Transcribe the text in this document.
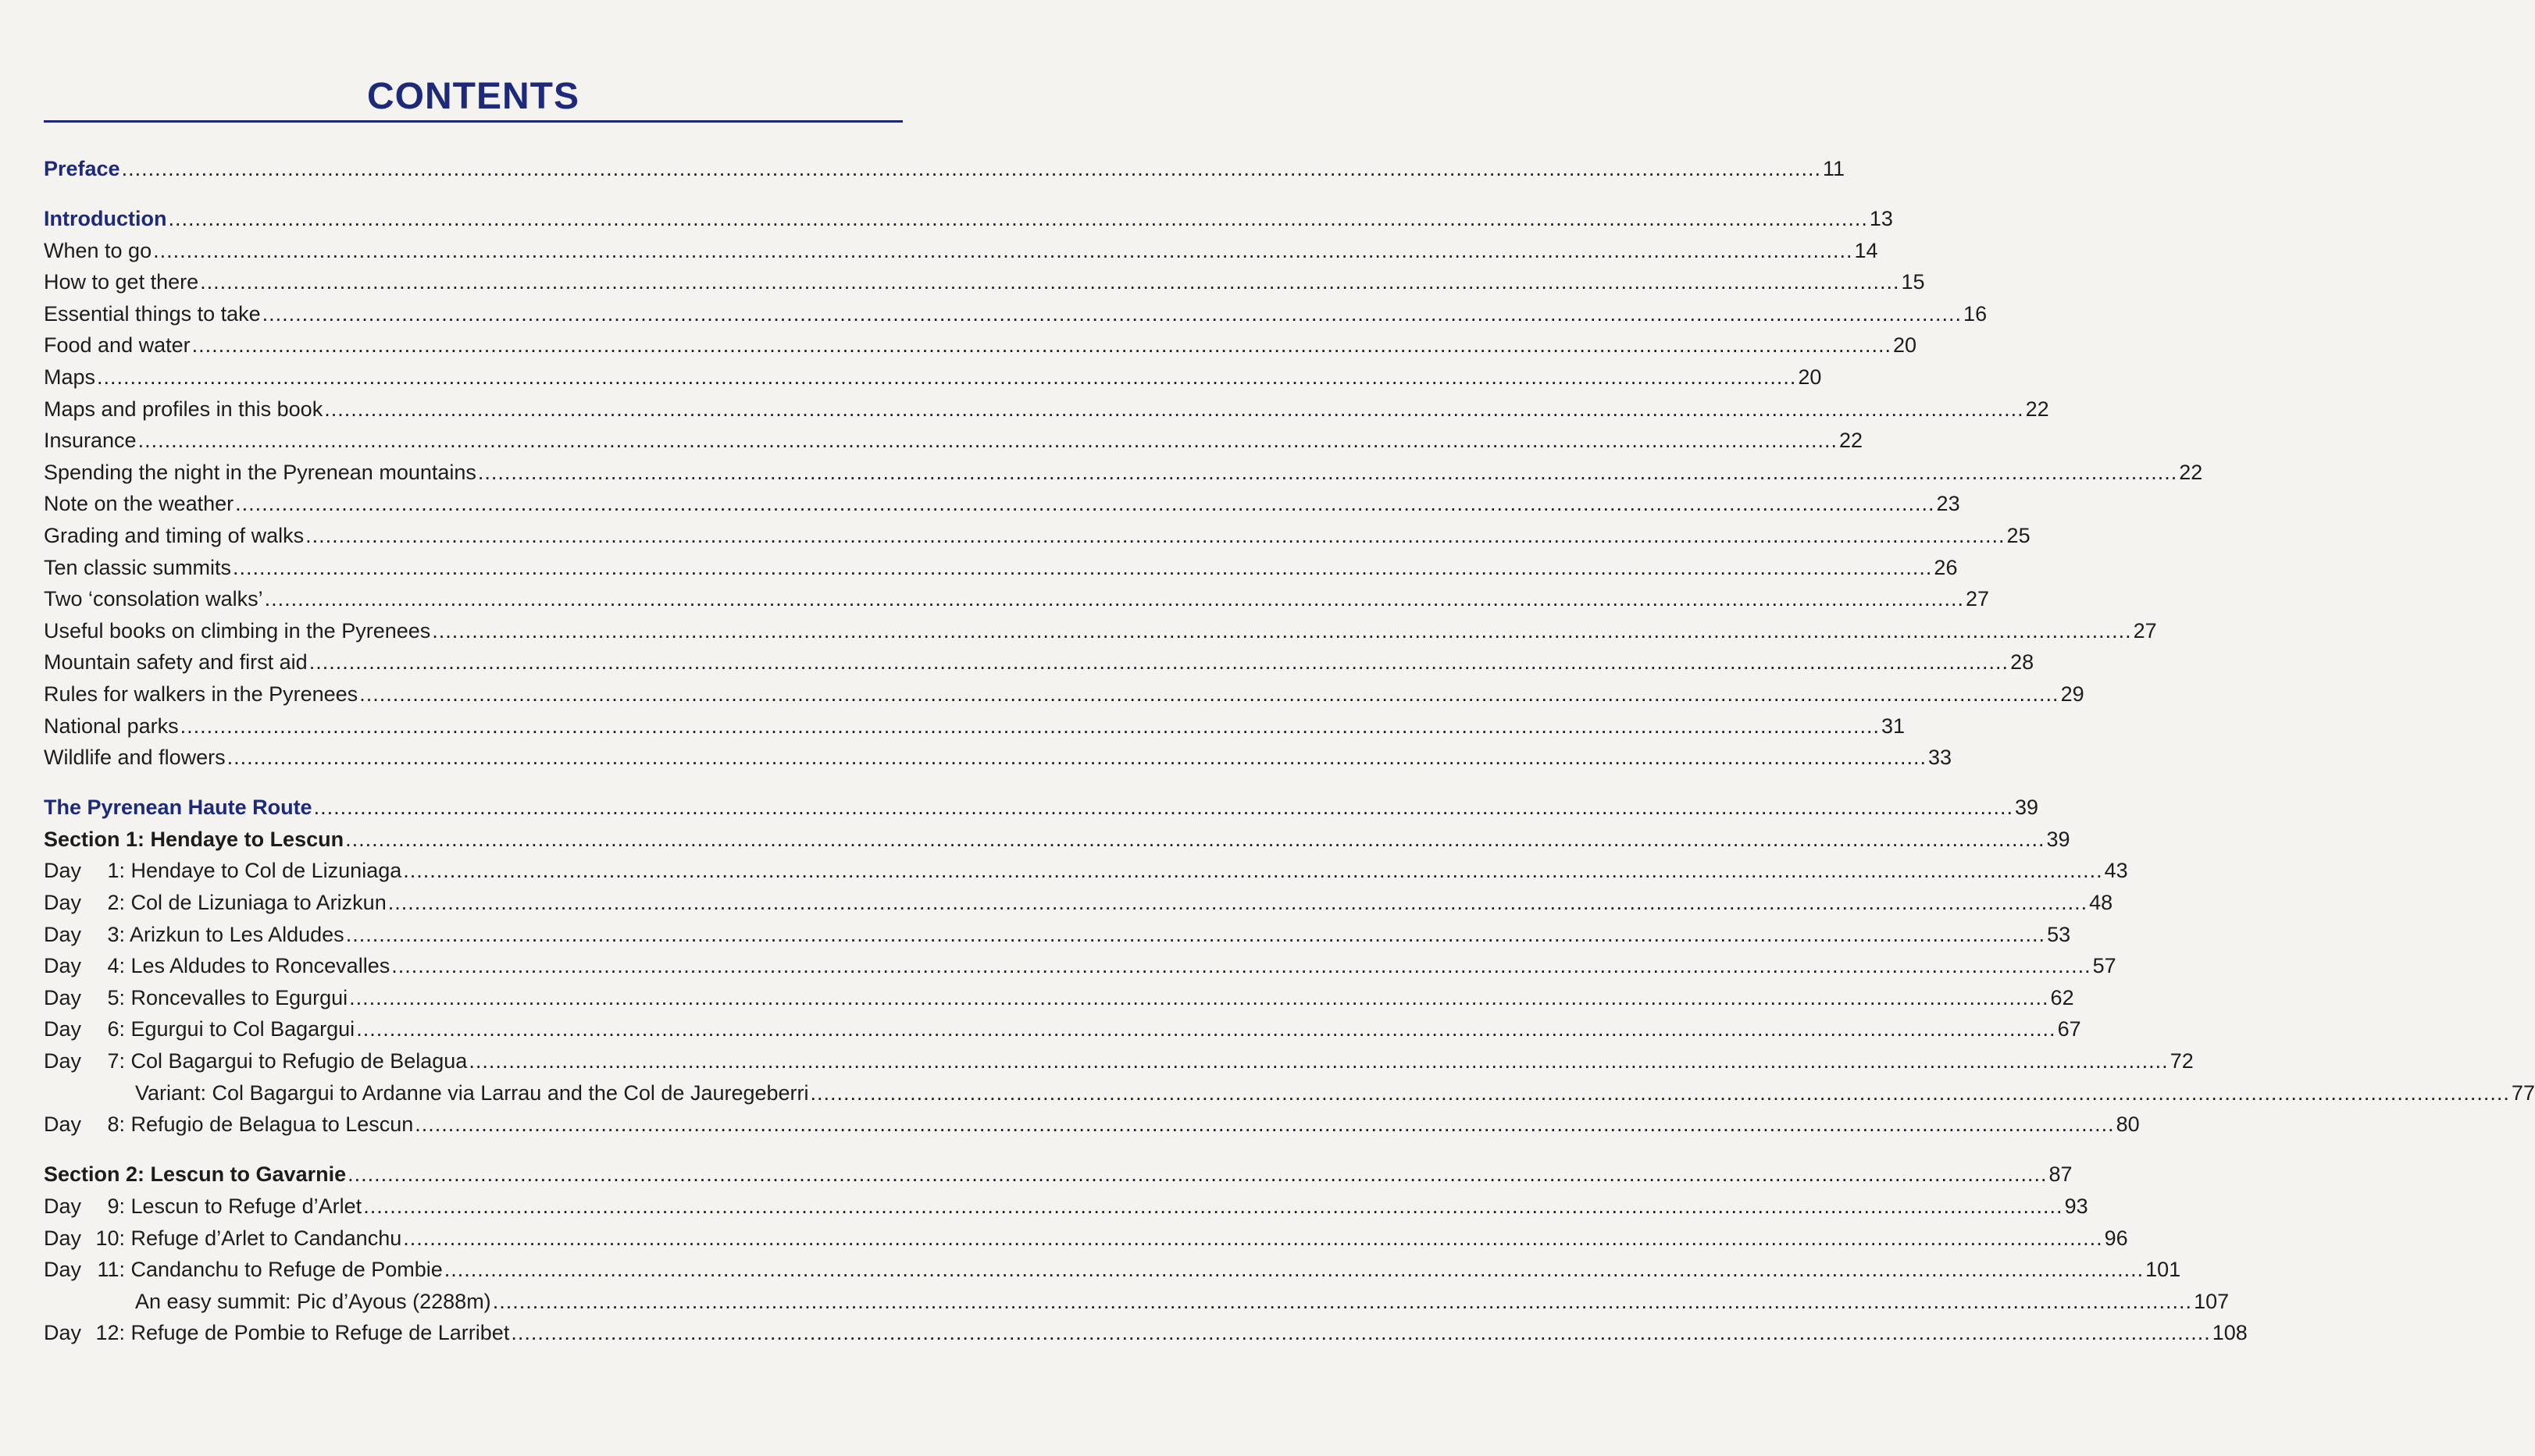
CONTENTS
Preface .....	11
Introduction .....	13
When to go .....	14
How to get there .....	15
Essential things to take .....	16
Food and water .....	20
Maps .....	20
Maps and profiles in this book .....	22
Insurance .....	22
Spending the night in the Pyrenean mountains .....	22
Note on the weather .....	23
Grading and timing of walks .....	25
Ten classic summits .....	26
Two ‘consolation walks’ .....	27
Useful books on climbing in the Pyrenees .....	27
Mountain safety and first aid .....	28
Rules for walkers in the Pyrenees .....	29
National parks .....	31
Wildlife and flowers .....	33
The Pyrenean Haute Route .....	39
Section 1: Hendaye to Lescun .....	39
Day 1: Hendaye to Col de Lizuniaga .....	43
Day 2: Col de Lizuniaga to Arizkun .....	48
Day 3: Arizkun to Les Aldudes .....	53
Day 4: Les Aldudes to Roncevalles .....	57
Day 5: Roncevalles to Egurgui .....	62
Day 6: Egurgui to Col Bagargui .....	67
Day 7: Col Bagargui to Refugio de Belagua .....	72
Variant: Col Bagargui to Ardanne via Larrau and the Col de Jauregeberri .....	77
Day 8: Refugio de Belagua to Lescun .....	80
Section 2: Lescun to Gavarnie .....	87
Day 9: Lescun to Refuge d’Arlet .....	93
Day 10: Refuge d’Arlet to Candanchu .....	96
Day 11: Candanchu to Refuge de Pombie .....	101
An easy summit: Pic d’Ayous (2288m) .....	107
Day 12: Refuge de Pombie to Refuge de Larribet .....	108
